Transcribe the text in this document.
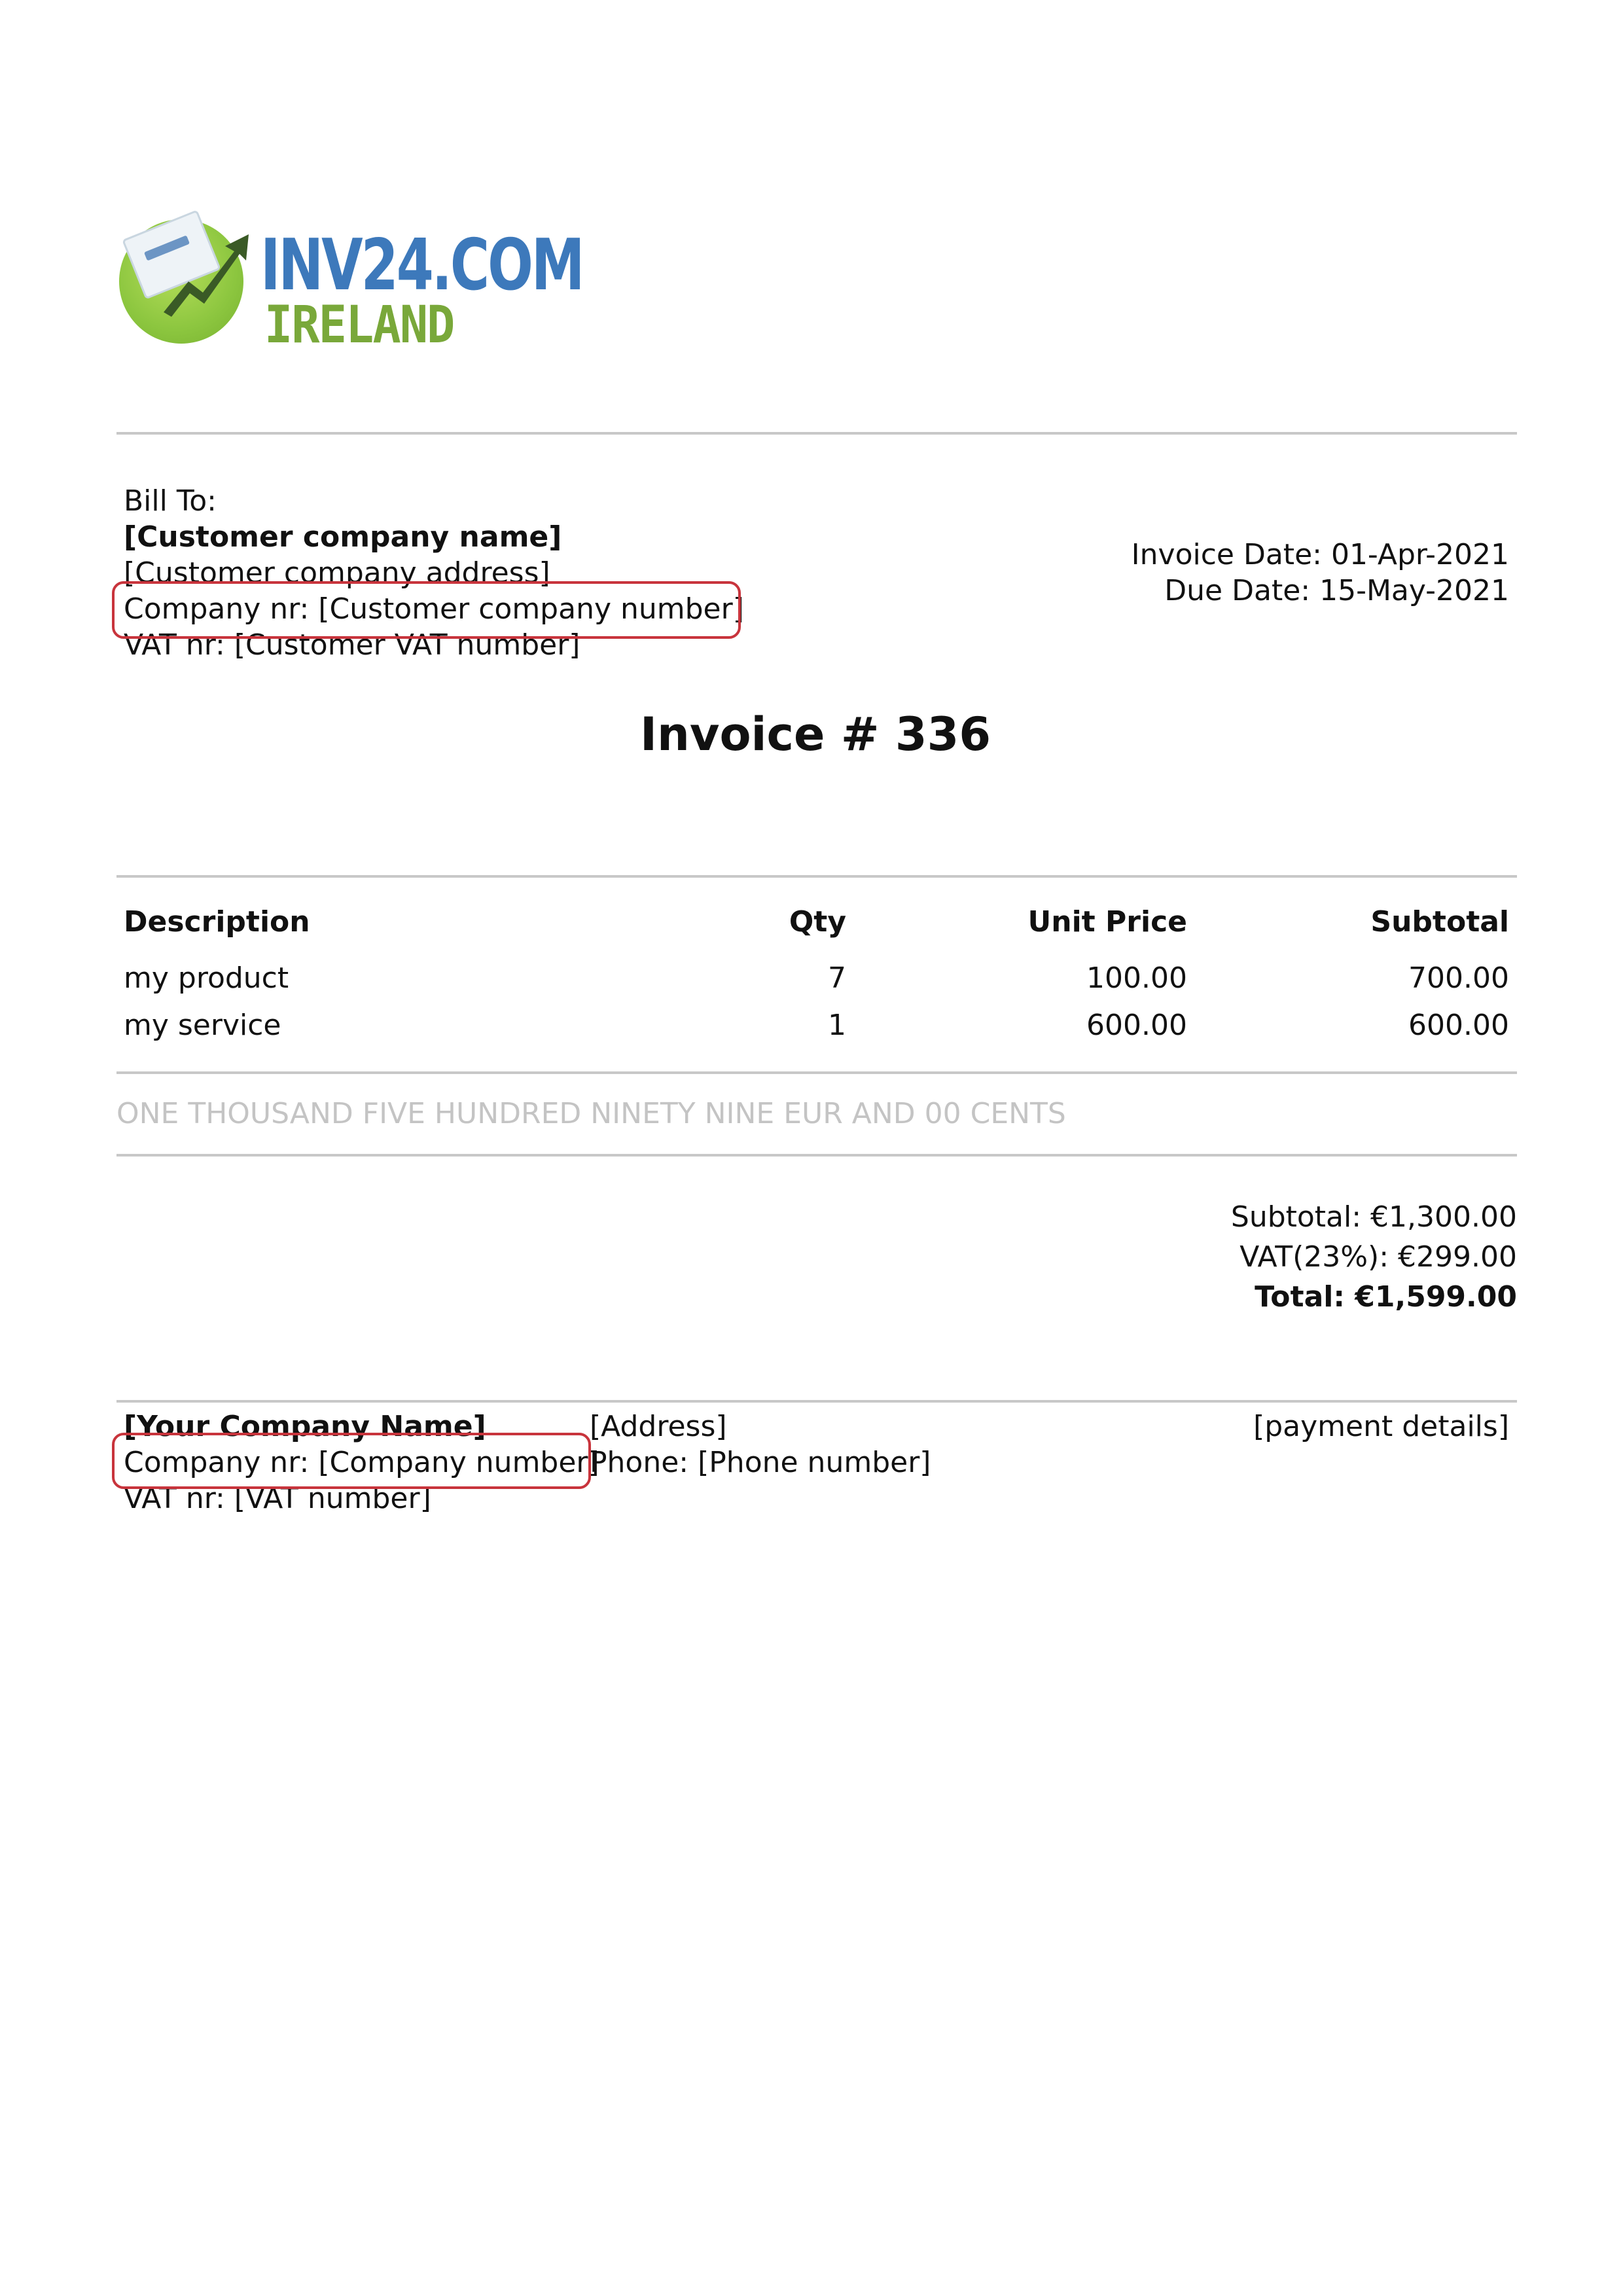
INV24.COM
IRELAND
Bill To:
[Customer company name]
[Customer company address]
Company nr: [Customer company number]
VAT nr: [Customer VAT number]
Invoice Date: 01-Apr-2021
Due Date: 15-May-2021
Invoice # 336
Description	Qty	Unit Price	Subtotal
my product	7	100.00	700.00
my service	1	600.00	600.00
ONE THOUSAND FIVE HUNDRED NINETY NINE EUR AND 00 CENTS
Subtotal: €1,300.00
VAT(23%): €299.00
Total: €1,599.00
[Your Company Name]
Company nr: [Company number]
VAT nr: [VAT number]
[Address]
Phone: [Phone number]
[payment details]
